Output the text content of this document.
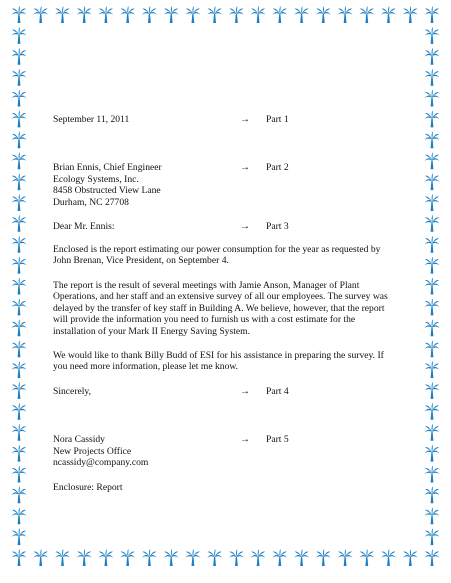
September 11, 2011	→ Part 1

Brian Ennis, Chief Engineer	→ Part 2

Ecology Systems, Inc.

8458 Obstructed View Lane

Durham, NC 27708

Dear Mr. Ennis:	→ Part 3

Enclosed is the report estimating our power consumption for the year as requested by John Brenan, Vice President, on September 4.

The report is the result of several meetings with Jamie Anson, Manager of Plant Operations, and her staff and an extensive survey of all our employees. The survey was delayed by the transfer of key staff in Building A. We believe, however, that the report will provide the information you need to furnish us with a cost estimate for the installation of your Mark II Energy Saving System.

We would like to thank Billy Budd of ESI for his assistance in preparing the survey. If you need more information, please let me know.

Sincerely,	→ Part 4

Nora Cassidy	→ Part 5

New Projects Office

ncassidy@company.com

Enclosure: Report
